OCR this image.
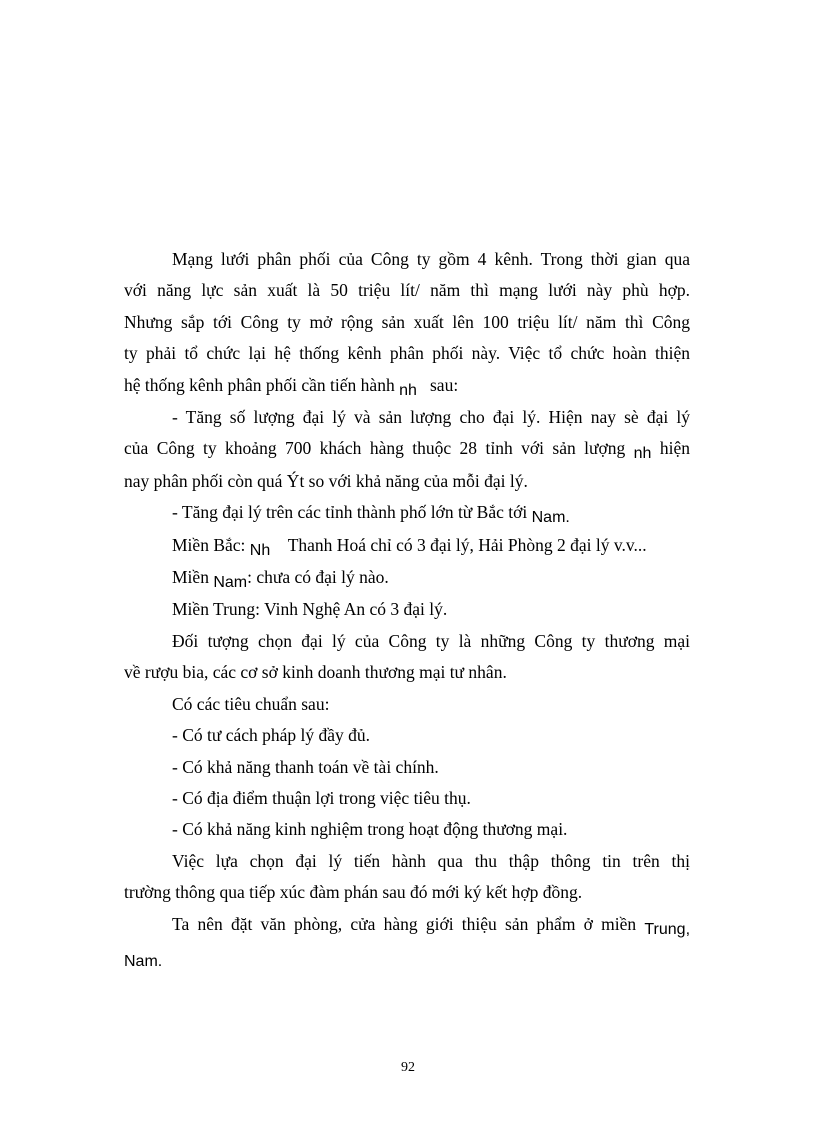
Mạng lưới phân phối của Công ty gồm 4 kênh. Trong thời gian qua
với năng lực sản xuất là 50 triệu lít/ năm thì mạng lưới này phù hợp.
Nhưng sắp tới Công ty mở rộng sản xuất lên 100 triệu lít/ năm thì Công
ty phải tổ chức lại hệ thống kênh phân phối này. Việc tổ chức hoàn thiện
hệ thống kênh phân phối cần tiến hành nh sau:
- Tăng số lượng đại lý và sản lượng cho đại lý. Hiện nay sè đại lý
của Công ty khoảng 700 khách hàng thuộc 28 tỉnh với sản lượng nh hiện
nay phân phối còn quá Ýt so với khả năng của mỗi đại lý.
- Tăng đại lý trên các tỉnh thành phố lớn từ Bắc tới Nam.
Miền Bắc: Nh Thanh Hoá chỉ có 3 đại lý, Hải Phòng 2 đại lý v.v...
Miền Nam: chưa có đại lý nào.
Miền Trung: Vinh Nghệ An có 3 đại lý.
Đối tượng chọn đại lý của Công ty là những Công ty thương mại
về rượu bia, các cơ sở kinh doanh thương mại tư nhân.
Có các tiêu chuẩn sau:
- Có tư cách pháp lý đầy đủ.
- Có khả năng thanh toán về tài chính.
- Có địa điểm thuận lợi trong việc tiêu thụ.
- Có khả năng kinh nghiệm trong hoạt động thương mại.
Việc lựa chọn đại lý tiến hành qua thu thập thông tin trên thị
trường thông qua tiếp xúc đàm phán sau đó mới ký kết hợp đồng.
Ta nên đặt văn phòng, cửa hàng giới thiệu sản phẩm ở miền Trung,
Nam.
92
